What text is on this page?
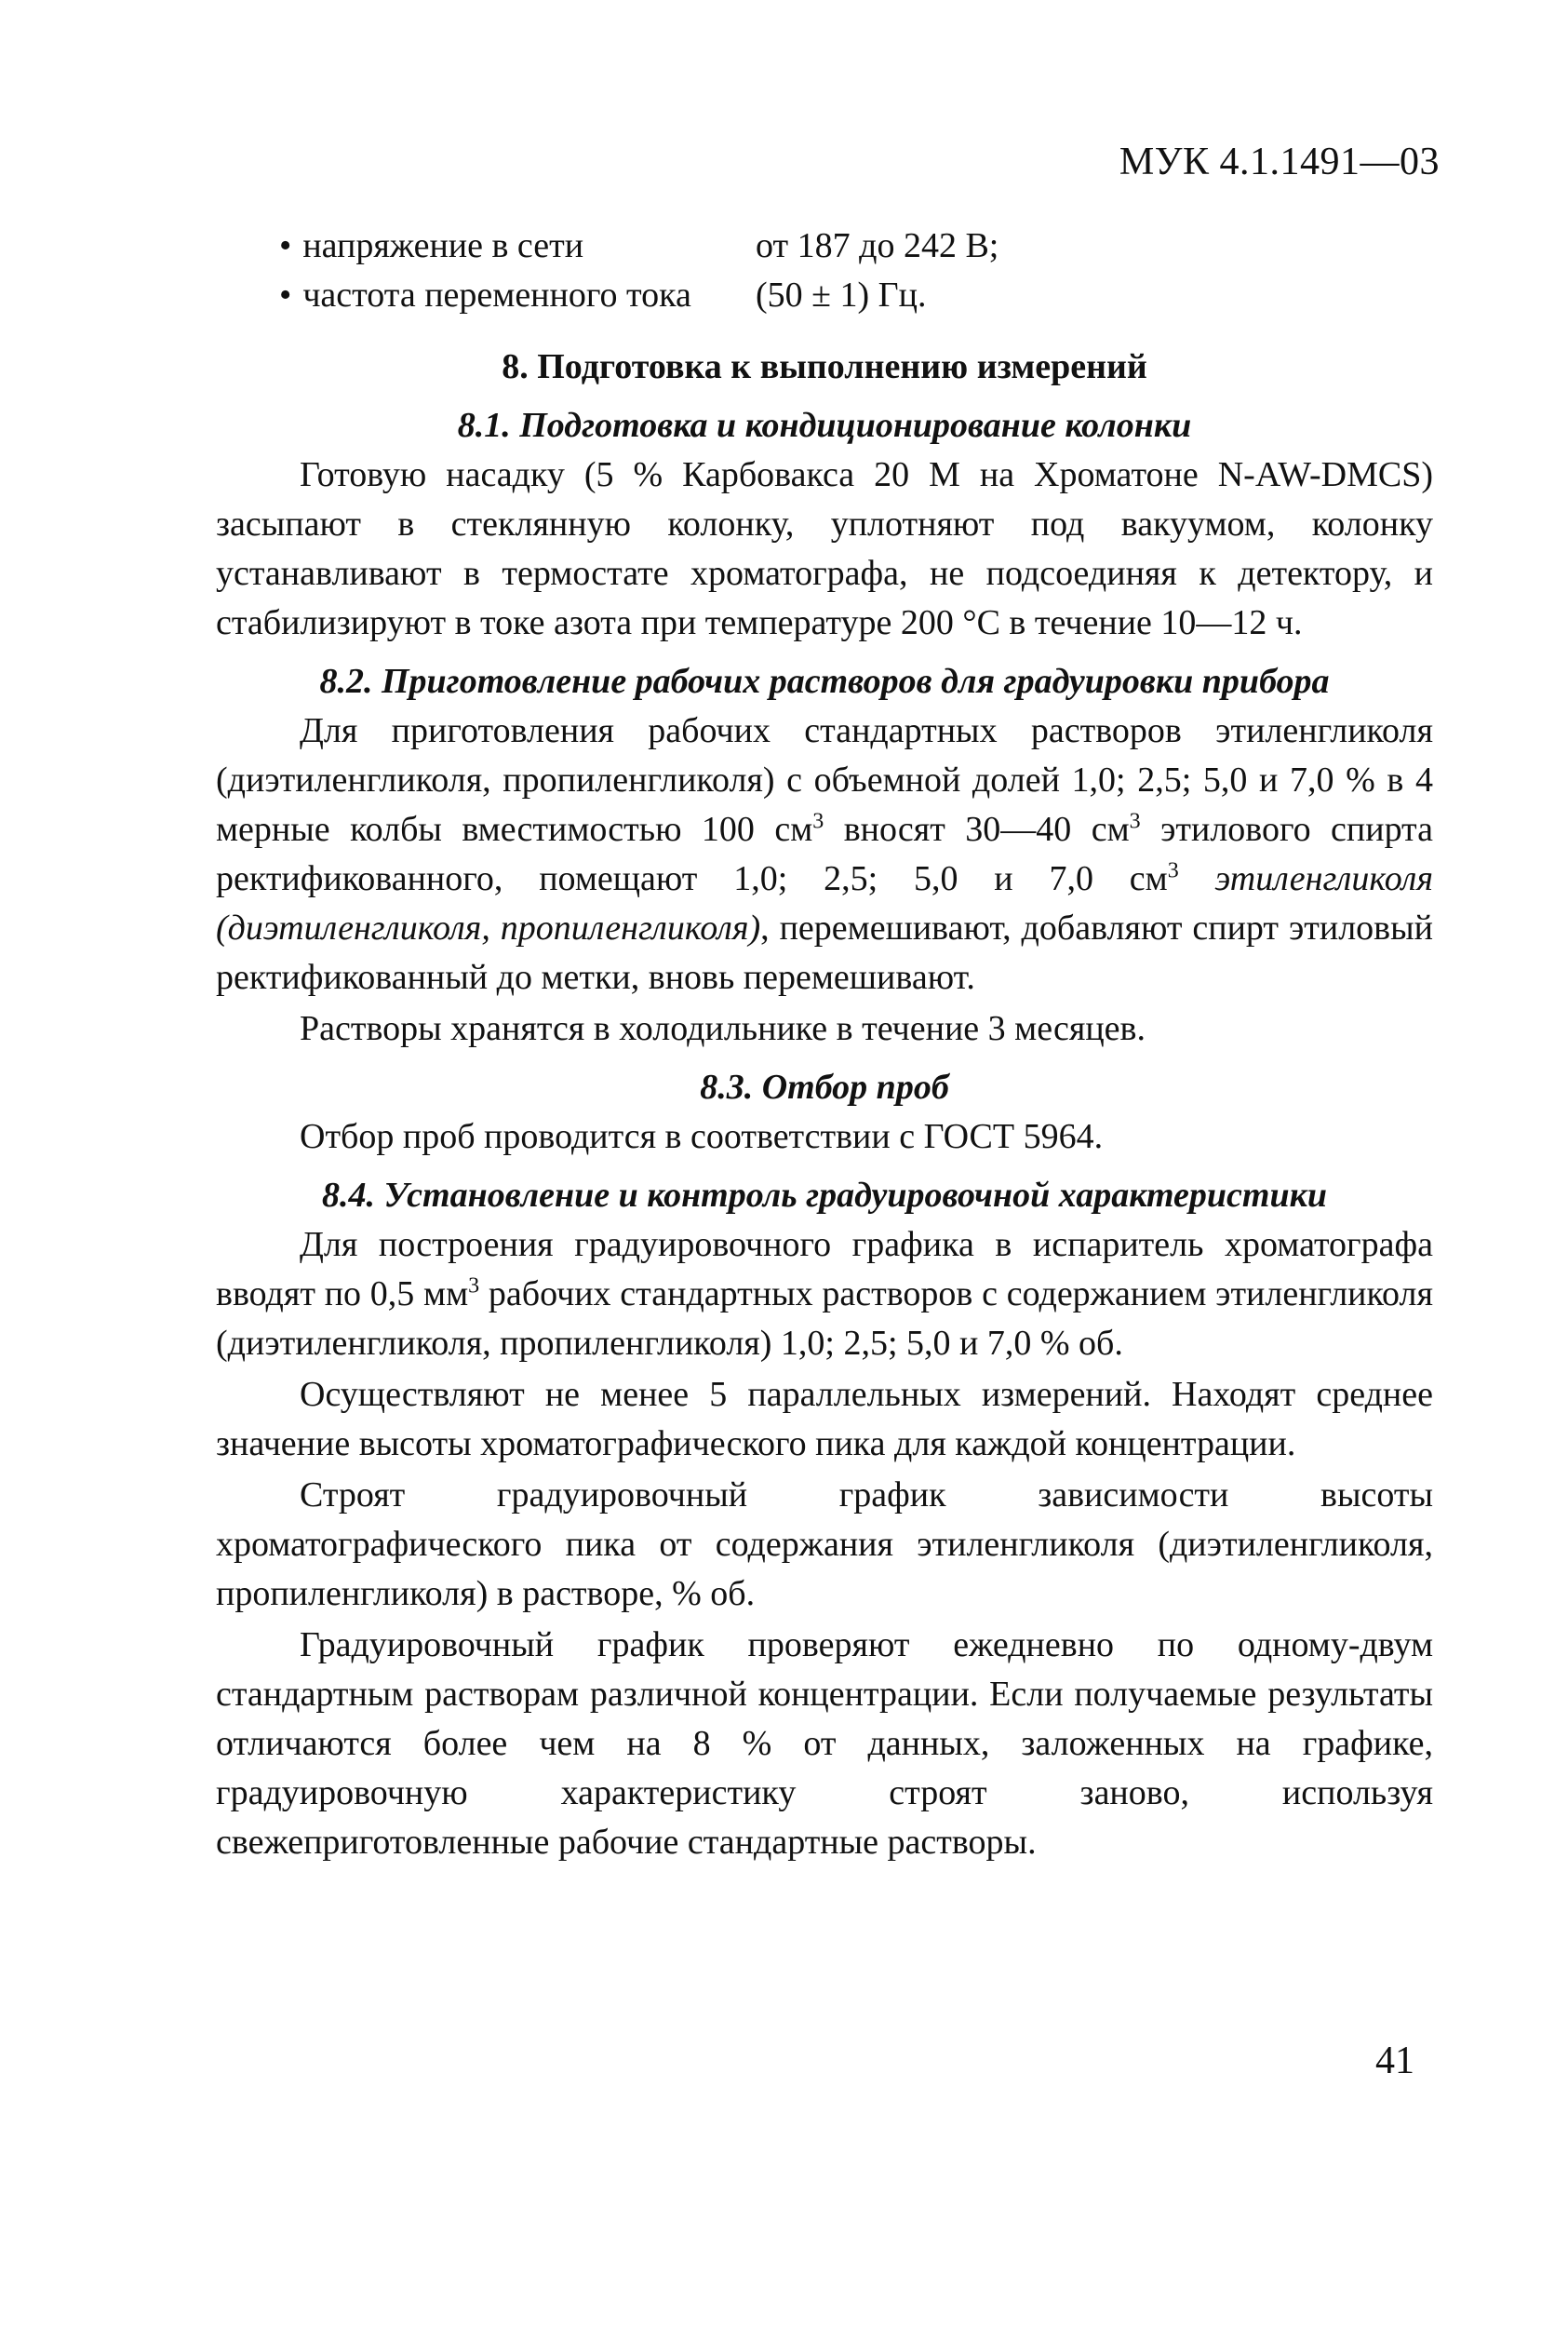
МУК 4.1.1491—03
• напряжение в сети	от 187 до 242 В;
• частота переменного тока	(50 ± 1) Гц.
8. Подготовка к выполнению измерений
8.1. Подготовка и кондиционирование колонки

Готовую насадку (5 % Карбовакса 20 М на Хроматоне N-AW-DMCS) засыпают в стеклянную колонку, уплотняют под вакуумом, колонку устанавливают в термостате хроматографа, не подсоединяя к детектору, и стабилизируют в токе азота при температуре 200 °С в течение 10—12 ч.

8.2. Приготовление рабочих растворов для градуировки прибора

Для приготовления рабочих стандартных растворов этиленгликоля (диэтиленгликоля, пропиленгликоля) с объемной долей 1,0; 2,5; 5,0 и 7,0 % в 4 мерные колбы вместимостью 100 $см^3$ вносят 30—40 $см^3$ этилового спирта ректификованного, помещают 1,0; 2,5; 5,0 и 7,0 $см^3$ этиленгликоля (диэтиленгликоля, пропиленгликоля), перемешивают, добавляют спирт этиловый ректификованный до метки, вновь перемешивают.

Растворы хранятся в холодильнике в течение 3 месяцев.

8.3. Отбор проб

Отбор проб проводится в соответствии с ГОСТ 5964.

8.4. Установление и контроль градуировочной характеристики

Для построения градуировочного графика в испаритель хроматографа вводят по 0,5 $мм^3$ рабочих стандартных растворов с содержанием этиленгликоля (диэтиленгликоля, пропиленгликоля) 1,0; 2,5; 5,0 и 7,0 % об.

Осуществляют не менее 5 параллельных измерений. Находят среднее значение высоты хроматографического пика для каждой концентрации.

Строят градуировочный график зависимости высоты хроматографического пика от содержания этиленгликоля (диэтиленгликоля, пропиленгликоля) в растворе, % об.

Градуировочный график проверяют ежедневно по одному-двум стандартным растворам различной концентрации. Если получаемые результаты отличаются более чем на 8 % от данных, заложенных на графике, градуировочную характеристику строят заново, используя свежеприготовленные рабочие стандартные растворы.

41
